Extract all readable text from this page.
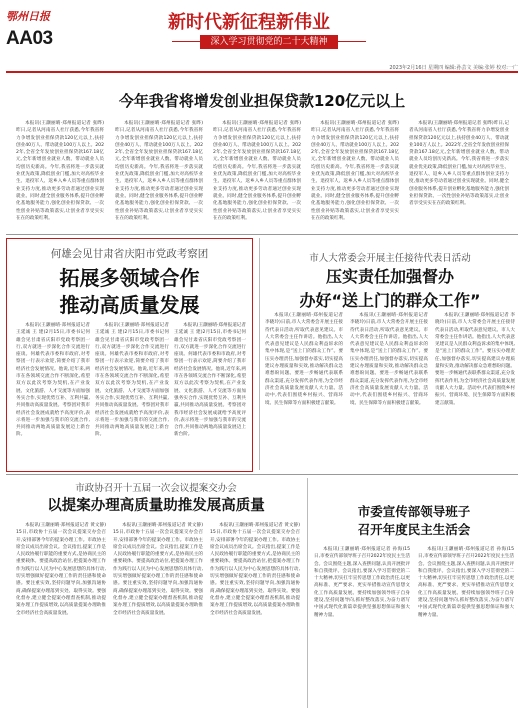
鄂州日报
AA03
新时代新征程新伟业
深入学习贯彻党的二十大精神
2023年2月16日 星期四 编辑:孙芸文 美编:张婷 校对:一广
今年我省将增发创业担保贷款120亿元以上

本报讯(王灏丽晴·郑州报道记者 张晔)昨日,记者从河南省人社厅获悉,今年我省将力争增发创业担保贷款120亿元以上,扶持创业40万人、带动就业100万人以上。2022年,全省全年发放创业担保贷款167.18亿元,全年新增创业就业人数、带动就业人员均创历史新高。今年,我省将进一步落实就业优先政策,降低创业门槛,加大对高校毕业生、退役军人、返乡入乡人员等重点群体创业支持力度,推动更多劳动者通过创业实现就业。同时,健全创业服务体系,提升创业孵化基地服务能力,强化创业担保贷款、一次性创业补贴等政策落实,让创业者享受实实在在的政策红利。

本报讯(王灏丽晴·郑州报道记者 张晔)昨日,记者从河南省人社厅获悉,今年我省将力争增发创业担保贷款120亿元以上,扶持创业40万人、带动就业100万人以上。2022年,全省全年发放创业担保贷款167.18亿元,全年新增创业就业人数、带动就业人员均创历史新高。今年,我省将进一步落实就业优先政策,降低创业门槛,加大对高校毕业生、退役军人、返乡入乡人员等重点群体创业支持力度,推动更多劳动者通过创业实现就业。同时,健全创业服务体系,提升创业孵化基地服务能力,强化创业担保贷款、一次性创业补贴等政策落实,让创业者享受实实在在的政策红利。

本报讯(王灏丽晴·郑州报道记者 张晔)昨日,记者从河南省人社厅获悉,今年我省将力争增发创业担保贷款120亿元以上,扶持创业40万人、带动就业100万人以上。2022年,全省全年发放创业担保贷款167.18亿元,全年新增创业就业人数、带动就业人员均创历史新高。今年,我省将进一步落实就业优先政策,降低创业门槛,加大对高校毕业生、退役军人、返乡入乡人员等重点群体创业支持力度,推动更多劳动者通过创业实现就业。同时,健全创业服务体系,提升创业孵化基地服务能力,强化创业担保贷款、一次性创业补贴等政策落实,让创业者享受实实在在的政策红利。

本报讯(王灏丽晴·郑州报道记者 张晔)昨日,记者从河南省人社厅获悉,今年我省将力争增发创业担保贷款120亿元以上,扶持创业40万人、带动就业100万人以上。2022年,全省全年发放创业担保贷款167.18亿元,全年新增创业就业人数、带动就业人员均创历史新高。今年,我省将进一步落实就业优先政策,降低创业门槛,加大对高校毕业生、退役军人、返乡入乡人员等重点群体创业支持力度,推动更多劳动者通过创业实现就业。同时,健全创业服务体系,提升创业孵化基地服务能力,强化创业担保贷款、一次性创业补贴等政策落实,让创业者享受实实在在的政策红利。

本报讯(王灏丽晴·郑州报道记者 张晔)昨日,记者从河南省人社厅获悉,今年我省将力争增发创业担保贷款120亿元以上,扶持创业40万人、带动就业100万人以上。2022年,全省全年发放创业担保贷款167.18亿元,全年新增创业就业人数、带动就业人员均创历史新高。今年,我省将进一步落实就业优先政策,降低创业门槛,加大对高校毕业生、退役军人、返乡入乡人员等重点群体创业支持力度,推动更多劳动者通过创业实现就业。同时,健全创业服务体系,提升创业孵化基地服务能力,强化创业担保贷款、一次性创业补贴等政策落实,让创业者享受实实在在的政策红利。

何雄会见甘肃省庆阳市党政考察团
拓展多领域合作
推动高质量发展

本报讯(王灏丽晴·郑州报道记者 王延诚 王 建)2月15日,市委书记何雄会见甘肃省庆阳市党政考察团一行,双方就进一步深化合作交流进行座谈。何雄代表市委和市政府,对考察团一行表示欢迎,简要介绍了我市经济社会发展情况。他说,近年来,两市在各领域交流合作不断深化,希望双方以此次考察为契机,在产业发展、文化旅游、人才交流等方面加强务实合作,实现优势互补、互利共赢,共同推动高质量发展。考察团对我市经济社会发展成就给予高度评价,表示将进一步加强与我市的交流合作,共同推动两地高质量发展迈上新台阶。

本报讯(王灏丽晴·郑州报道记者 王延诚 王 建)2月15日,市委书记何雄会见甘肃省庆阳市党政考察团一行,双方就进一步深化合作交流进行座谈。何雄代表市委和市政府,对考察团一行表示欢迎,简要介绍了我市经济社会发展情况。他说,近年来,两市在各领域交流合作不断深化,希望双方以此次考察为契机,在产业发展、文化旅游、人才交流等方面加强务实合作,实现优势互补、互利共赢,共同推动高质量发展。考察团对我市经济社会发展成就给予高度评价,表示将进一步加强与我市的交流合作,共同推动两地高质量发展迈上新台阶。

本报讯(王灏丽晴·郑州报道记者 王延诚 王 建)2月15日,市委书记何雄会见甘肃省庆阳市党政考察团一行,双方就进一步深化合作交流进行座谈。何雄代表市委和市政府,对考察团一行表示欢迎,简要介绍了我市经济社会发展情况。他说,近年来,两市在各领域交流合作不断深化,希望双方以此次考察为契机,在产业发展、文化旅游、人才交流等方面加强务实合作,实现优势互补、互利共赢,共同推动高质量发展。考察团对我市经济社会发展成就给予高度评价,表示将进一步加强与我市的交流合作,共同推动两地高质量发展迈上新台阶。

市人大常委会开展主任接待代表日活动
压实责任加强督办
办好“送上门的群众工作”

本报讯(王灏丽晴·郑州报道记者 李晓玲)日前,市人大常委会开展主任接待代表日活动,听取代表意见建议。市人大常委会主任作讲话。他指出,人大代表意见建议是人民群众利益诉求的集中体现,是“送上门的群众工作”。要压实办理责任,加强督办落实,切实提高建议办理质量和实效,推动解决群众急难愁盼问题。要进一步畅通代表联系群众渠道,充分发挥代表作用,为全市经济社会高质量发展贡献人大力量。活动中,代表们围绕乡村振兴、营商环境、民生保障等方面积极建言献策。

本报讯(王灏丽晴·郑州报道记者 李晓玲)日前,市人大常委会开展主任接待代表日活动,听取代表意见建议。市人大常委会主任作讲话。他指出,人大代表意见建议是人民群众利益诉求的集中体现,是“送上门的群众工作”。要压实办理责任,加强督办落实,切实提高建议办理质量和实效,推动解决群众急难愁盼问题。要进一步畅通代表联系群众渠道,充分发挥代表作用,为全市经济社会高质量发展贡献人大力量。活动中,代表们围绕乡村振兴、营商环境、民生保障等方面积极建言献策。

本报讯(王灏丽晴·郑州报道记者 李晓玲)日前,市人大常委会开展主任接待代表日活动,听取代表意见建议。市人大常委会主任作讲话。他指出,人大代表意见建议是人民群众利益诉求的集中体现,是“送上门的群众工作”。要压实办理责任,加强督办落实,切实提高建议办理质量和实效,推动解决群众急难愁盼问题。要进一步畅通代表联系群众渠道,充分发挥代表作用,为全市经济社会高质量发展贡献人大力量。活动中,代表们围绕乡村振兴、营商环境、民生保障等方面积极建言献策。

市政协召开十五届一次会议提案交办会
以提案办理高质量助推发展高质量

本报讯(王灏丽晴·郑州报道记者 黄文静)15日,市政协十五届一次会议提案交办会召开,安排部署今年的提案办理工作。市政协主席会议成员出席会议。会议指出,提案工作是人民政协履行职能的重要方式,是协商民主的重要载体。要提高政治站位,把提案办理工作作为践行以人民为中心发展思想的具体行动,切实增强做好提案办理工作的责任感和使命感。要注重实效,坚持问题导向,加强沟通协商,确保提案办理落到实处、取得实效。要强化督办,建立健全提案办理督查机制,推动提案办理工作提质增效,以高质量提案办理助推全市经济社会高质量发展。

本报讯(王灏丽晴·郑州报道记者 黄文静)15日,市政协十五届一次会议提案交办会召开,安排部署今年的提案办理工作。市政协主席会议成员出席会议。会议指出,提案工作是人民政协履行职能的重要方式,是协商民主的重要载体。要提高政治站位,把提案办理工作作为践行以人民为中心发展思想的具体行动,切实增强做好提案办理工作的责任感和使命感。要注重实效,坚持问题导向,加强沟通协商,确保提案办理落到实处、取得实效。要强化督办,建立健全提案办理督查机制,推动提案办理工作提质增效,以高质量提案办理助推全市经济社会高质量发展。

本报讯(王灏丽晴·郑州报道记者 黄文静)15日,市政协十五届一次会议提案交办会召开,安排部署今年的提案办理工作。市政协主席会议成员出席会议。会议指出,提案工作是人民政协履行职能的重要方式,是协商民主的重要载体。要提高政治站位,把提案办理工作作为践行以人民为中心发展思想的具体行动,切实增强做好提案办理工作的责任感和使命感。要注重实效,坚持问题导向,加强沟通协商,确保提案办理落到实处、取得实效。要强化督办,建立健全提案办理督查机制,推动提案办理工作提质增效,以高质量提案办理助推全市经济社会高质量发展。

市委宣传部领导班子
召开年度民主生活会

本报讯(王灏丽晴·郑州报道记者 孙海)15日,市委宣传部领导班子召开2022年度民主生活会。会议围绕主题,深入查摆问题,认真开展批评和自我批评。会议指出,要深入学习贯彻党的二十大精神,切实扛牢宣传思想工作政治责任,以更高标准、更严要求、更实举措推动宣传思想文化工作高质量发展。要持续加强领导班子自身建设,坚持问题导向,抓好整改落实,为奋力谱写中国式现代化新篇章提供坚强思想保证和强大精神力量。

本报讯(王灏丽晴·郑州报道记者 孙海)15日,市委宣传部领导班子召开2022年度民主生活会。会议围绕主题,深入查摆问题,认真开展批评和自我批评。会议指出,要深入学习贯彻党的二十大精神,切实扛牢宣传思想工作政治责任,以更高标准、更严要求、更实举措推动宣传思想文化工作高质量发展。要持续加强领导班子自身建设,坚持问题导向,抓好整改落实,为奋力谱写中国式现代化新篇章提供坚强思想保证和强大精神力量。
